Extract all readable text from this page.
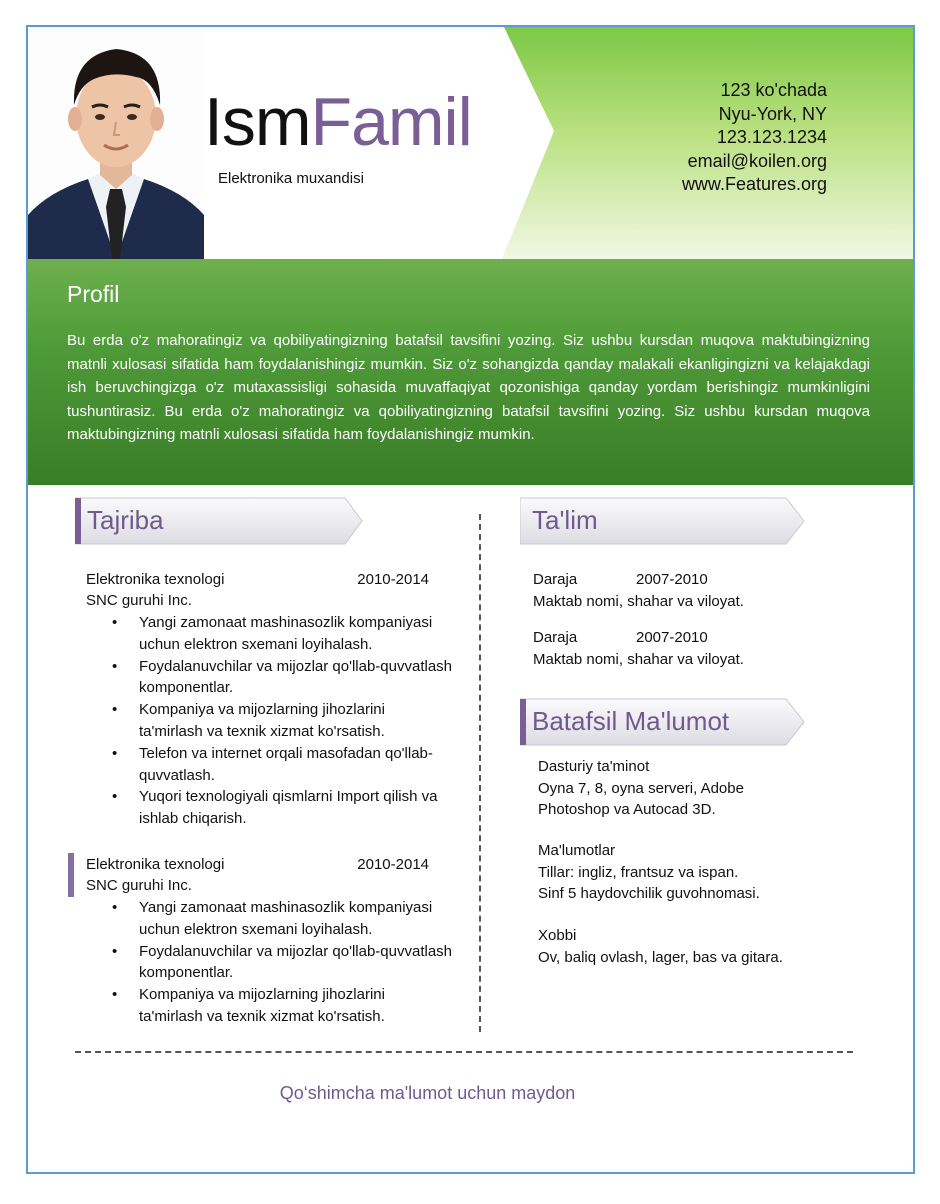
IsmFamil
Elektronika muxandisi
123 ko'chada
Nyu-York, NY
123.123.1234
email@koilen.org
www.Features.org
Profil

Bu erda o'z mahoratingiz va qobiliyatingizning batafsil tavsifini yozing. Siz ushbu kursdan muqova maktubingizning matnli xulosasi sifatida ham foydalanishingiz mumkin. Siz o'z sohangizda qanday malakali ekanligingizni va kelajakdagi ish beruvchingizga o'z mutaxassisligi sohasida muvaffaqiyat qozonishiga qanday yordam berishingiz mumkinligini tushuntirasiz. Bu erda o'z mahoratingiz va qobiliyatingizning batafsil tavsifini yozing. Siz ushbu kursdan muqova maktubingizning matnli xulosasi sifatida ham foydalanishingiz mumkin.

Tajriba	Ta'lim
Batafsil Ma'lumot
Elektronika texnologi	2010-2014
SNC guruhi Inc.
• Yangi zamonaat mashinasozlik kompaniyasi uchun elektron sxemani loyihalash.
• Foydalanuvchilar va mijozlar qo'llab-quvvatlash komponentlar.
• Kompaniya va mijozlarning jihozlarini ta'mirlash va texnik xizmat ko'rsatish.
• Telefon va internet orqali masofadan qo'llab-quvvatlash.
• Yuqori texnologiyali qismlarni Import qilish va ishlab chiqarish.
Elektronika texnologi	2010-2014
SNC guruhi Inc.
• Yangi zamonaat mashinasozlik kompaniyasi uchun elektron sxemani loyihalash.
• Foydalanuvchilar va mijozlar qo'llab-quvvatlash komponentlar.
• Kompaniya va mijozlarning jihozlarini ta'mirlash va texnik xizmat ko'rsatish.
Daraja	2007-2010
Maktab nomi, shahar va viloyat.
Daraja	2007-2010
Maktab nomi, shahar va viloyat.
Dasturiy ta'minot
Oyna 7, 8, oyna serveri, Adobe
Photoshop va Autocad 3D.
Ma'lumotlar
Tillar: ingliz, frantsuz va ispan.
Sinf 5 haydovchilik guvohnomasi.
Xobbi
Ov, baliq ovlash, lager, bas va gitara.
Qo‘shimcha ma'lumot uchun maydon
